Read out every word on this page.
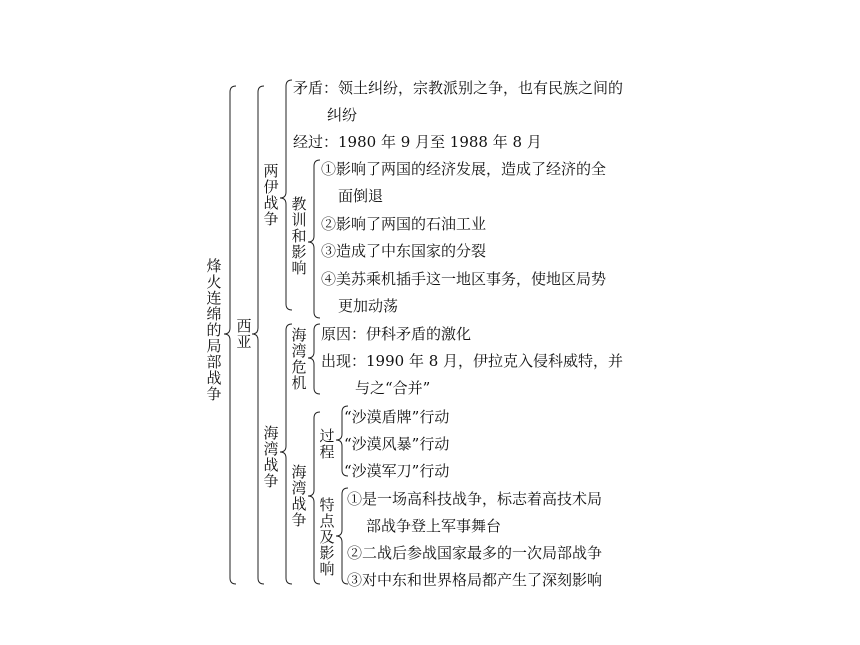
烽火连绵的局部战争
西亚
两伊战争
矛盾：领土纠纷，宗教派别之争，也有民族之间的
纠纷
经过：1980 年 9 月至 1988 年 8 月
教训和影响
①影响了两国的经济发展，造成了经济的全
面倒退
②影响了两国的石油工业
③造成了中东国家的分裂
④美苏乘机插手这一地区事务，使地区局势
更加动荡
海湾战争
海湾危机
原因：伊科矛盾的激化
出现：1990 年 8 月，伊拉克入侵科威特，并
与之“合并”
海湾战争
过程
“沙漠盾牌”行动
“沙漠风暴”行动
“沙漠军刀”行动
特点及影响
①是一场高科技战争，标志着高技术局
部战争登上军事舞台
②二战后参战国家最多的一次局部战争
③对中东和世界格局都产生了深刻影响
